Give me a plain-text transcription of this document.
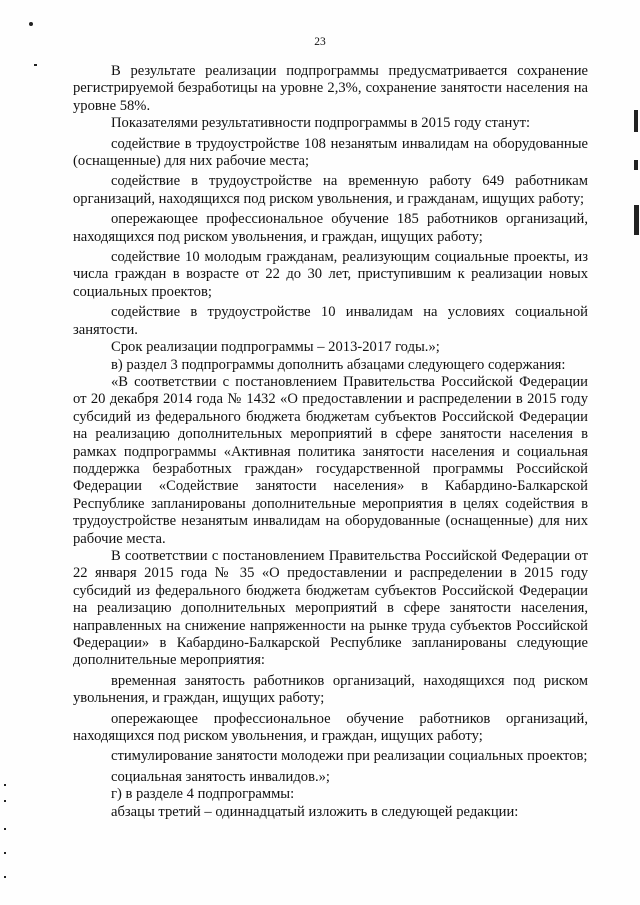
23

В результате реализации подпрограммы предусматривается сохранение регистрируемой безработицы на уровне 2,3%, сохранение занятости населения на уровне 58%.

Показателями результативности подпрограммы в 2015 году станут:

содействие в трудоустройстве 108 незанятым инвалидам на оборудованные (оснащенные) для них рабочие места;

содействие в трудоустройстве на временную работу 649 работникам организаций, находящихся под риском увольнения, и гражданам, ищущих работу;

опережающее профессиональное обучение 185 работников организаций, находящихся под риском увольнения, и граждан, ищущих работу;

содействие 10 молодым гражданам, реализующим социальные проекты, из числа граждан в возрасте от 22 до 30 лет, приступившим к реализации новых социальных проектов;

содействие в трудоустройстве 10 инвалидам на условиях социальной занятости.

Срок реализации подпрограммы – 2013-2017 годы.»;

в) раздел 3 подпрограммы дополнить абзацами следующего содержания:

«В соответствии с постановлением Правительства Российской Федерации от 20 декабря 2014 года № 1432 «О предоставлении и распределении в 2015 году субсидий из федерального бюджета бюджетам субъектов Российской Федерации на реализацию дополнительных мероприятий в сфере занятости населения в рамках подпрограммы «Активная политика занятости населения и социальная поддержка безработных граждан» государственной программы Российской Федерации «Содействие занятости населения» в Кабардино-Балкарской Республике запланированы дополнительные мероприятия в целях содействия в трудоустройстве незанятым инвалидам на оборудованные (оснащенные) для них рабочие места.

В соответствии с постановлением Правительства Российской Федерации от 22 января 2015 года № 35 «О предоставлении и распределении в 2015 году субсидий из федерального бюджета бюджетам субъектов Российской Федерации на реализацию дополнительных мероприятий в сфере занятости населения, направленных на снижение напряженности на рынке труда субъектов Российской Федерации» в Кабардино-Балкарской Республике запланированы следующие дополнительные мероприятия:

временная занятость работников организаций, находящихся под риском увольнения, и граждан, ищущих работу;

опережающее профессиональное обучение работников организаций, находящихся под риском увольнения, и граждан, ищущих работу;

стимулирование занятости молодежи при реализации социальных проектов;

социальная занятость инвалидов.»;

г) в разделе 4 подпрограммы:

абзацы третий – одиннадцатый изложить в следующей редакции:
